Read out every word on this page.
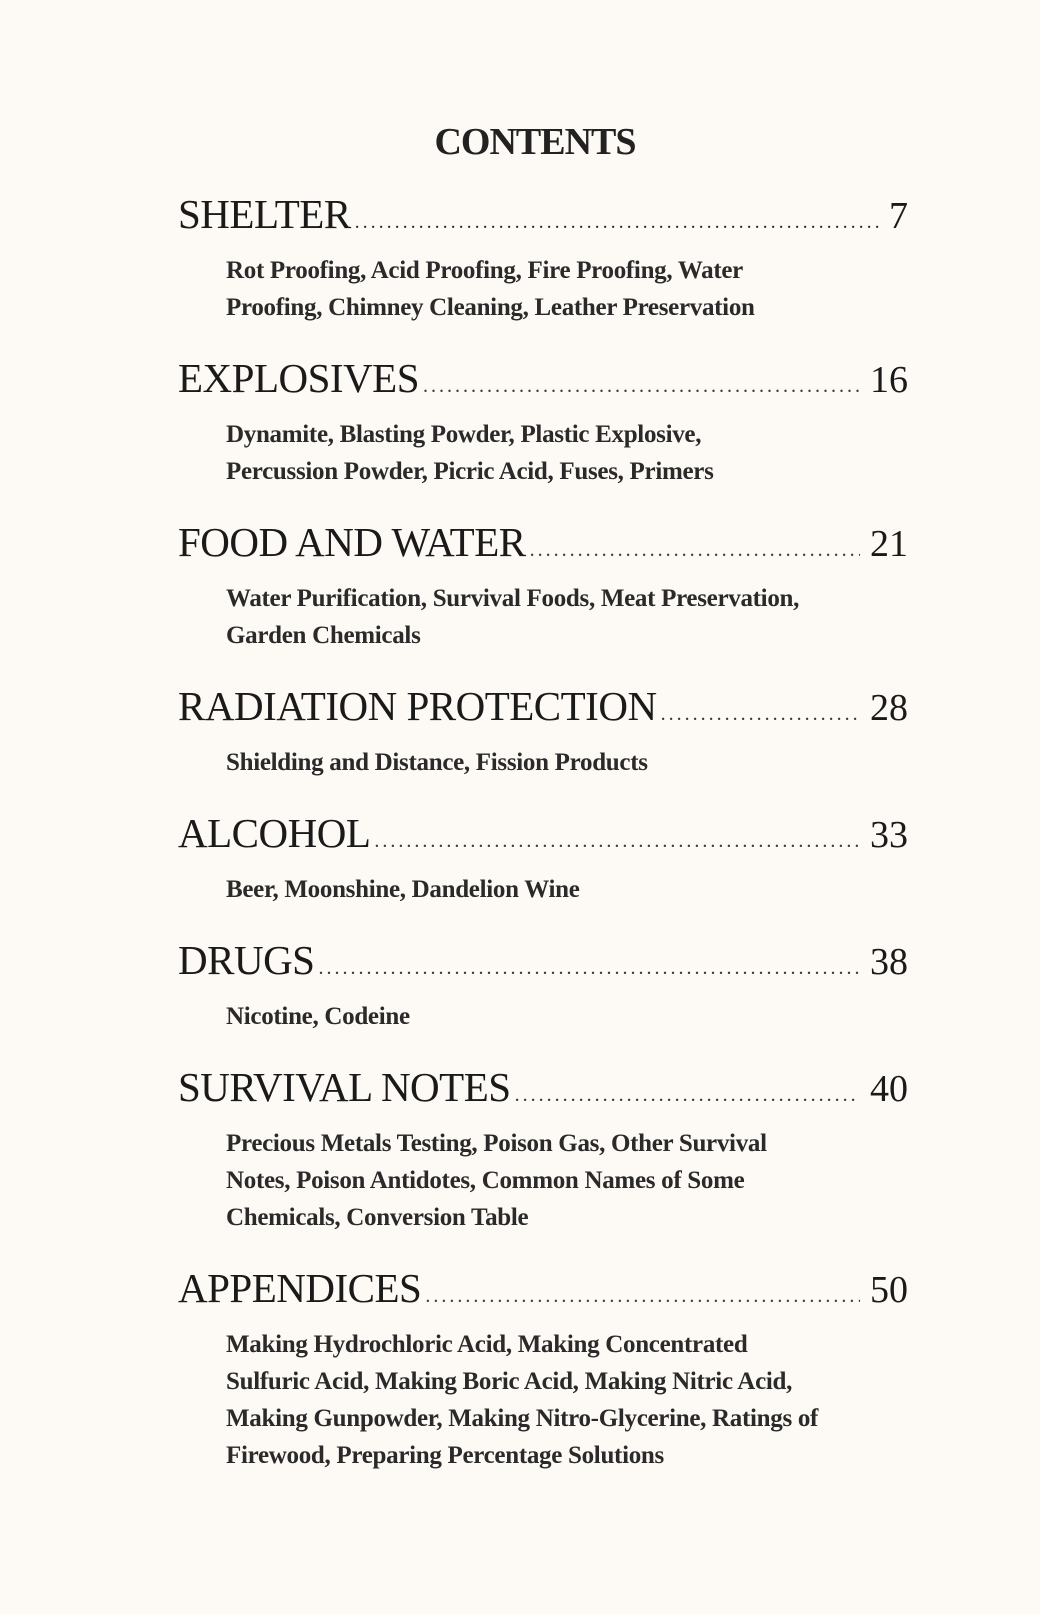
CONTENTS
SHELTER . . .	7
Rot Proofing, Acid Proofing, Fire Proofing, Water
Proofing, Chimney Cleaning, Leather Preservation
EXPLOSIVES . . .	16
Dynamite, Blasting Powder, Plastic Explosive,
Percussion Powder, Picric Acid, Fuses, Primers
FOOD AND WATER . . .	21
Water Purification, Survival Foods, Meat Preservation,
Garden Chemicals
RADIATION PROTECTION . . .	28
Shielding and Distance, Fission Products
ALCOHOL . . .	33
Beer, Moonshine, Dandelion Wine
DRUGS . . .	38
Nicotine, Codeine
SURVIVAL NOTES . . .	40
Precious Metals Testing, Poison Gas, Other Survival
Notes, Poison Antidotes, Common Names of Some
Chemicals, Conversion Table
APPENDICES . . .	50
Making Hydrochloric Acid, Making Concentrated
Sulfuric Acid, Making Boric Acid, Making Nitric Acid,
Making Gunpowder, Making Nitro-Glycerine, Ratings of
Firewood, Preparing Percentage Solutions
